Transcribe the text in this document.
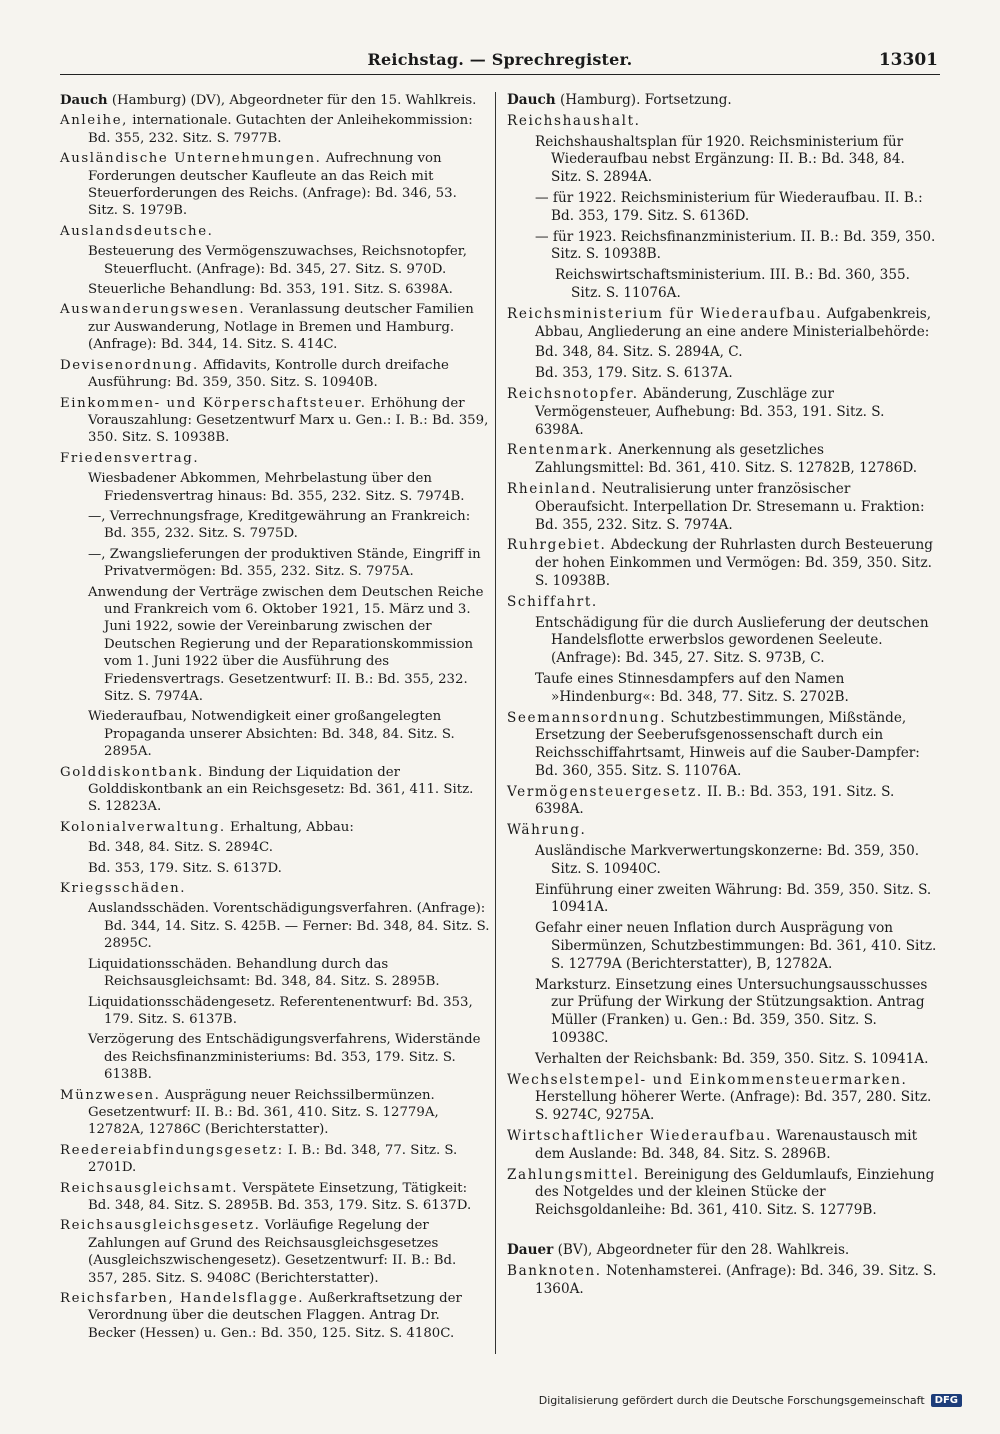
Reichstag. — Sprechregister.	13301

Dauch (Hamburg) (DV), Abgeordneter für den 15. Wahlkreis.

Anleihe, internationale. Gutachten der Anleihekommission: Bd. 355, 232. Sitz. S. 7977B.

Ausländische Unternehmungen. Aufrechnung von Forderungen deutscher Kaufleute an das Reich mit Steuerforderungen des Reichs. (Anfrage): Bd. 346, 53. Sitz. S. 1979B.

Auslandsdeutsche.

Besteuerung des Vermögenszuwachses, Reichsnotopfer, Steuerflucht. (Anfrage): Bd. 345, 27. Sitz. S. 970D.

Steuerliche Behandlung: Bd. 353, 191. Sitz. S. 6398A.

Auswanderungswesen. Veranlassung deutscher Familien zur Auswanderung, Notlage in Bremen und Hamburg. (Anfrage): Bd. 344, 14. Sitz. S. 414C.

Devisenordnung. Affidavits, Kontrolle durch dreifache Ausführung: Bd. 359, 350. Sitz. S. 10940B.

Einkommen- und Körperschaftsteuer. Erhöhung der Vorauszahlung: Gesetzentwurf Marx u. Gen.: I. B.: Bd. 359, 350. Sitz. S. 10938B.

Friedensvertrag.

Wiesbadener Abkommen, Mehrbelastung über den Friedensvertrag hinaus: Bd. 355, 232. Sitz. S. 7974B.

—, Verrechnungsfrage, Kreditgewährung an Frankreich: Bd. 355, 232. Sitz. S. 7975D.

—, Zwangslieferungen der produktiven Stände, Eingriff in Privatvermögen: Bd. 355, 232. Sitz. S. 7975A.

Anwendung der Verträge zwischen dem Deutschen Reiche und Frankreich vom 6. Oktober 1921, 15. März und 3. Juni 1922, sowie der Vereinbarung zwischen der Deutschen Regierung und der Reparationskommission vom 1. Juni 1922 über die Ausführung des Friedensvertrags. Gesetzentwurf: II. B.: Bd. 355, 232. Sitz. S. 7974A.

Wiederaufbau, Notwendigkeit einer großangelegten Propaganda unserer Absichten: Bd. 348, 84. Sitz. S. 2895A.

Golddiskontbank. Bindung der Liquidation der Golddiskontbank an ein Reichsgesetz: Bd. 361, 411. Sitz. S. 12823A.

Kolonialverwaltung. Erhaltung, Abbau:

Bd. 348, 84. Sitz. S. 2894C.

Bd. 353, 179. Sitz. S. 6137D.

Kriegsschäden.

Auslandsschäden. Vorentschädigungsverfahren. (Anfrage): Bd. 344, 14. Sitz. S. 425B. — Ferner: Bd. 348, 84. Sitz. S. 2895C.

Liquidationsschäden. Behandlung durch das Reichsausgleichsamt: Bd. 348, 84. Sitz. S. 2895B.

Liquidationsschädengesetz. Referentenentwurf: Bd. 353, 179. Sitz. S. 6137B.

Verzögerung des Entschädigungsverfahrens, Widerstände des Reichsfinanzministeriums: Bd. 353, 179. Sitz. S. 6138B.

Münzwesen. Ausprägung neuer Reichssilbermünzen. Gesetzentwurf: II. B.: Bd. 361, 410. Sitz. S. 12779A, 12782A, 12786C (Berichterstatter).

Reedereiabfindungsgesetz: I. B.: Bd. 348, 77. Sitz. S. 2701D.

Reichsausgleichsamt. Verspätete Einsetzung, Tätigkeit: Bd. 348, 84. Sitz. S. 2895B. Bd. 353, 179. Sitz. S. 6137D.

Reichsausgleichsgesetz. Vorläufige Regelung der Zahlungen auf Grund des Reichsausgleichsgesetzes (Ausgleichszwischengesetz). Gesetzentwurf: II. B.: Bd. 357, 285. Sitz. S. 9408C (Berichterstatter).

Reichsfarben, Handelsflagge. Außerkraftsetzung der Verordnung über die deutschen Flaggen. Antrag Dr. Becker (Hessen) u. Gen.: Bd. 350, 125. Sitz. S. 4180C.

Dauch (Hamburg). Fortsetzung.

Reichshaushalt.

Reichshaushaltsplan für 1920. Reichsministerium für Wiederaufbau nebst Ergänzung: II. B.: Bd. 348, 84. Sitz. S. 2894A.

— für 1922. Reichsministerium für Wiederaufbau. II. B.: Bd. 353, 179. Sitz. S. 6136D.

— für 1923. Reichsfinanzministerium. II. B.: Bd. 359, 350. Sitz. S. 10938B.

Reichswirtschaftsministerium. III. B.: Bd. 360, 355. Sitz. S. 11076A.

Reichsministerium für Wiederaufbau. Aufgabenkreis, Abbau, Angliederung an eine andere Ministerialbehörde:

Bd. 348, 84. Sitz. S. 2894A, C.

Bd. 353, 179. Sitz. S. 6137A.

Reichsnotopfer. Abänderung, Zuschläge zur Vermögensteuer, Aufhebung: Bd. 353, 191. Sitz. S. 6398A.

Rentenmark. Anerkennung als gesetzliches Zahlungsmittel: Bd. 361, 410. Sitz. S. 12782B, 12786D.

Rheinland. Neutralisierung unter französischer Oberaufsicht. Interpellation Dr. Stresemann u. Fraktion: Bd. 355, 232. Sitz. S. 7974A.

Ruhrgebiet. Abdeckung der Ruhrlasten durch Besteuerung der hohen Einkommen und Vermögen: Bd. 359, 350. Sitz. S. 10938B.

Schiffahrt.

Entschädigung für die durch Auslieferung der deutschen Handelsflotte erwerbslos gewordenen Seeleute. (Anfrage): Bd. 345, 27. Sitz. S. 973B, C.

Taufe eines Stinnesdampfers auf den Namen »Hindenburg«: Bd. 348, 77. Sitz. S. 2702B.

Seemannsordnung. Schutzbestimmungen, Mißstände, Ersetzung der Seeberufsgenossenschaft durch ein Reichsschiffahrtsamt, Hinweis auf die Sauber-Dampfer: Bd. 360, 355. Sitz. S. 11076A.

Vermögensteuergesetz. II. B.: Bd. 353, 191. Sitz. S. 6398A.

Währung.

Ausländische Markverwertungskonzerne: Bd. 359, 350. Sitz. S. 10940C.

Einführung einer zweiten Währung: Bd. 359, 350. Sitz. S. 10941A.

Gefahr einer neuen Inflation durch Ausprägung von Sibermünzen, Schutzbestimmungen: Bd. 361, 410. Sitz. S. 12779A (Berichterstatter), B, 12782A.

Marksturz. Einsetzung eines Untersuchungsausschusses zur Prüfung der Wirkung der Stützungsaktion. Antrag Müller (Franken) u. Gen.: Bd. 359, 350. Sitz. S. 10938C.

Verhalten der Reichsbank: Bd. 359, 350. Sitz. S. 10941A.

Wechselstempel- und Einkommensteuermarken. Herstellung höherer Werte. (Anfrage): Bd. 357, 280. Sitz. S. 9274C, 9275A.

Wirtschaftlicher Wiederaufbau. Warenaustausch mit dem Auslande: Bd. 348, 84. Sitz. S. 2896B.

Zahlungsmittel. Bereinigung des Geldumlaufs, Einziehung des Notgeldes und der kleinen Stücke der Reichsgoldanleihe: Bd. 361, 410. Sitz. S. 12779B.

Dauer (BV), Abgeordneter für den 28. Wahlkreis.

Banknoten. Notenhamsterei. (Anfrage): Bd. 346, 39. Sitz. S. 1360A.

Digitalisierung gefördert durch die Deutsche Forschungsgemeinschaft	DFG
